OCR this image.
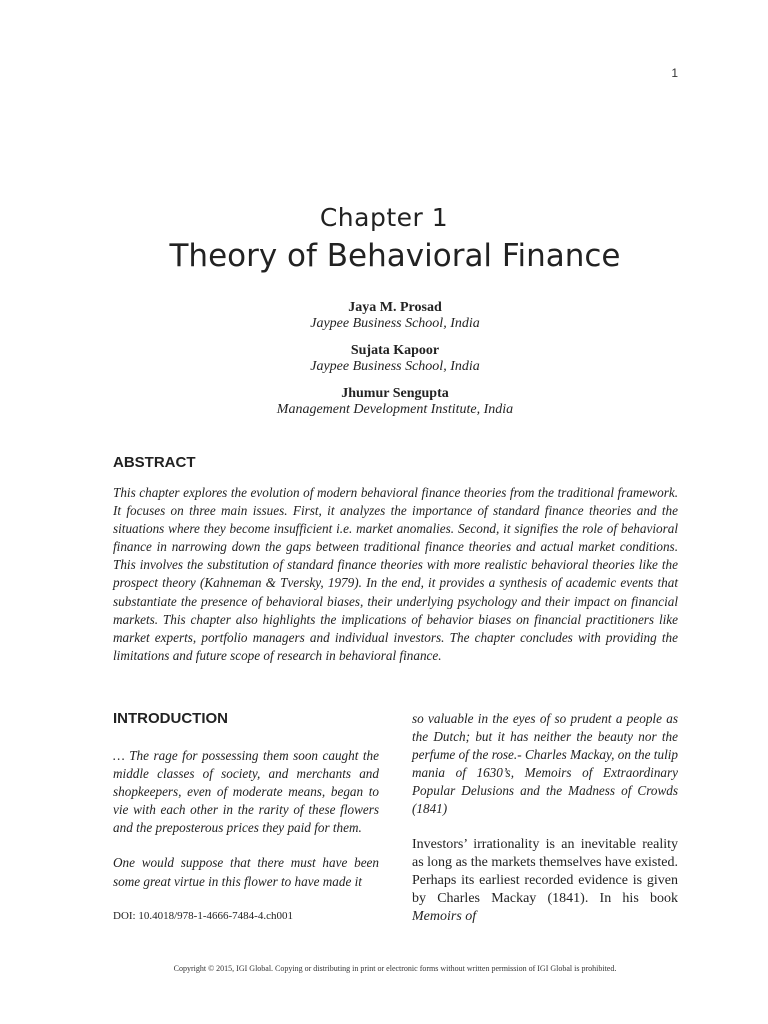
1
Chapter 1
Theory of Behavioral Finance
Jaya M. Prosad
Jaypee Business School, India
Sujata Kapoor
Jaypee Business School, India
Jhumur Sengupta
Management Development Institute, India
ABSTRACT
This chapter explores the evolution of modern behavioral finance theories from the traditional framework. It focuses on three main issues. First, it analyzes the importance of standard finance theories and the situations where they become insufficient i.e. market anomalies. Second, it signifies the role of behavioral finance in narrowing down the gaps between traditional finance theories and actual market conditions. This involves the substitution of standard finance theories with more realistic behavioral theories like the prospect theory (Kahneman & Tversky, 1979). In the end, it provides a synthesis of academic events that substantiate the presence of behavioral biases, their underlying psychology and their impact on financial markets. This chapter also highlights the implications of behavior biases on financial practitioners like market experts, portfolio managers and individual investors. The chapter concludes with providing the limitations and future scope of research in behavioral finance.
INTRODUCTION

… The rage for possessing them soon caught the middle classes of society, and merchants and shopkeepers, even of moderate means, began to vie with each other in the rarity of these flowers and the preposterous prices they paid for them.

One would suppose that there must have been some great virtue in this flower to have made it

so valuable in the eyes of so prudent a people as the Dutch; but it has neither the beauty nor the perfume of the rose.- Charles Mackay, on the tulip mania of 1630’s, Memoirs of Extraordinary Popular Delusions and the Madness of Crowds (1841)

Investors’ irrationality is an inevitable reality as long as the markets themselves have existed. Perhaps its earliest recorded evidence is given by Charles Mackay (1841). In his book Memoirs of

DOI: 10.4018/978-1-4666-7484-4.ch001
Copyright © 2015, IGI Global. Copying or distributing in print or electronic forms without written permission of IGI Global is prohibited.
